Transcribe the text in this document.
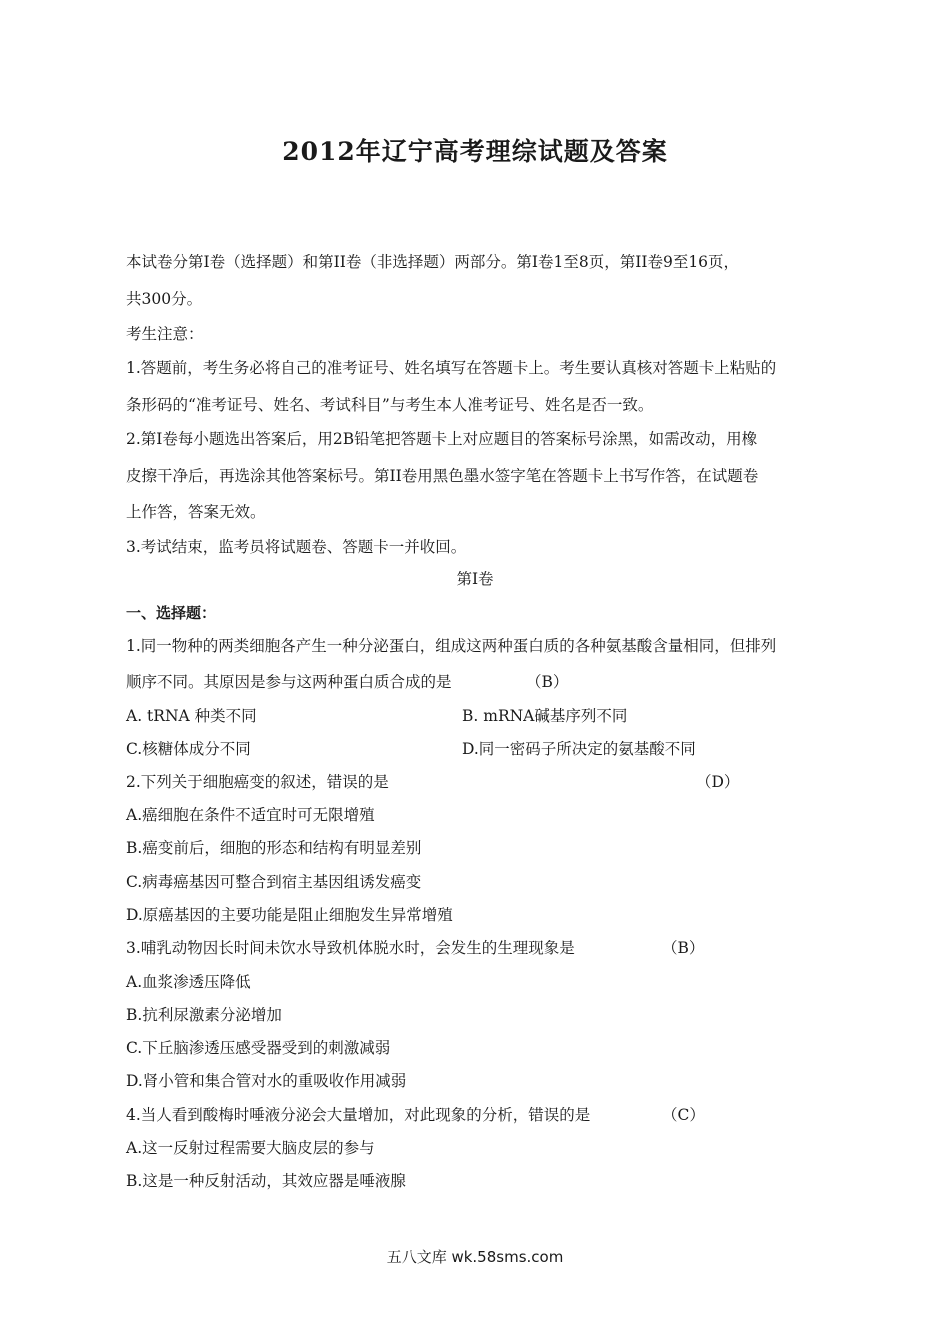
2012年辽宁高考理综试题及答案
本试卷分第Ⅰ卷（选择题）和第II卷（非选择题）两部分。第Ⅰ卷1至8页，第II卷9至16页，
共300分。
考生注意：
1.答题前，考生务必将自己的准考证号、姓名填写在答题卡上。考生要认真核对答题卡上粘贴的
条形码的“准考证号、姓名、考试科目”与考生本人准考证号、姓名是否一致。
2.第Ⅰ卷每小题选出答案后，用2B铅笔把答题卡上对应题目的答案标号涂黑，如需改动，用橡
皮擦干净后，再选涂其他答案标号。第II卷用黑色墨水签字笔在答题卡上书写作答，在试题卷
上作答，答案无效。
3.考试结束，监考员将试题卷、答题卡一并收回。
第Ⅰ卷
一、选择题：
1.同一物种的两类细胞各产生一种分泌蛋白，组成这两种蛋白质的各种氨基酸含量相同，但排列
顺序不同。其原因是参与这两种蛋白质合成的是	（B）
A. tRNA 种类不同	B. mRNA碱基序列不同
C.核糖体成分不同	D.同一密码子所决定的氨基酸不同
2.下列关于细胞癌变的叙述，错误的是	（D）
A.癌细胞在条件不适宜时可无限增殖
B.癌变前后，细胞的形态和结构有明显差别
C.病毒癌基因可整合到宿主基因组诱发癌变
D.原癌基因的主要功能是阻止细胞发生异常增殖
3.哺乳动物因长时间未饮水导致机体脱水时，会发生的生理现象是	（B）
A.血浆渗透压降低
B.抗利尿激素分泌增加
C.下丘脑渗透压感受器受到的刺激减弱
D.肾小管和集合管对水的重吸收作用减弱
4.当人看到酸梅时唾液分泌会大量增加，对此现象的分析，错误的是	（C）
A.这一反射过程需要大脑皮层的参与
B.这是一种反射活动，其效应器是唾液腺
五八文库 wk.58sms.com
